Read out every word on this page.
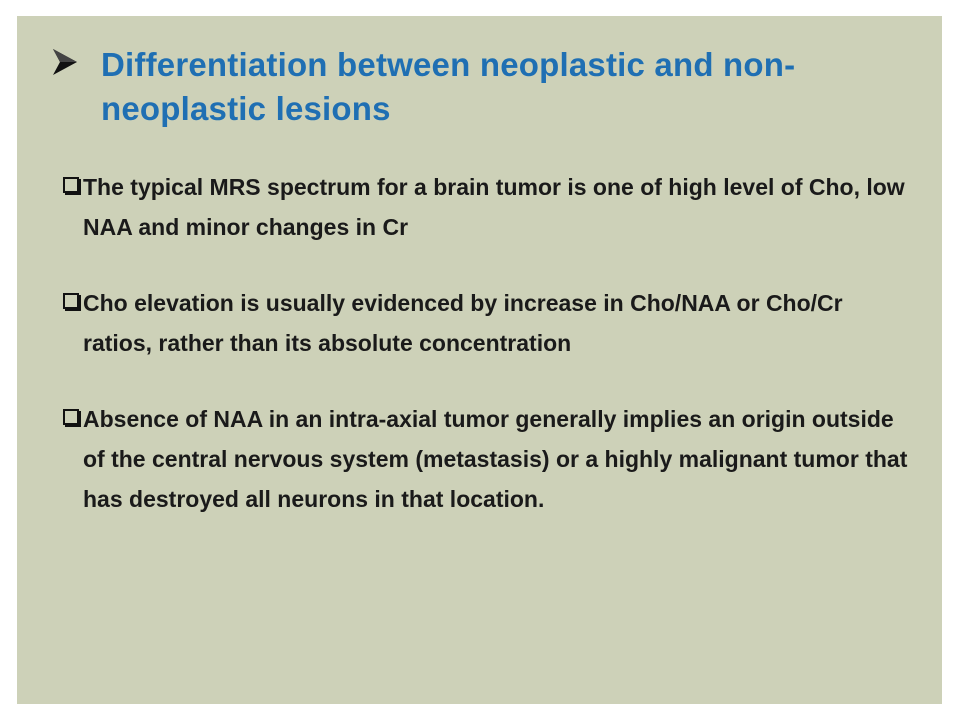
Differentiation between neoplastic and non-neoplastic lesions
The typical MRS spectrum for a brain tumor is one of high level of Cho, low NAA and minor changes in Cr
Cho elevation is usually evidenced by increase in Cho/NAA or Cho/Cr ratios, rather than its absolute concentration
Absence of NAA in an intra-axial tumor generally implies an origin outside of the central nervous system (metastasis) or a highly malignant tumor that has destroyed all neurons in that location.
